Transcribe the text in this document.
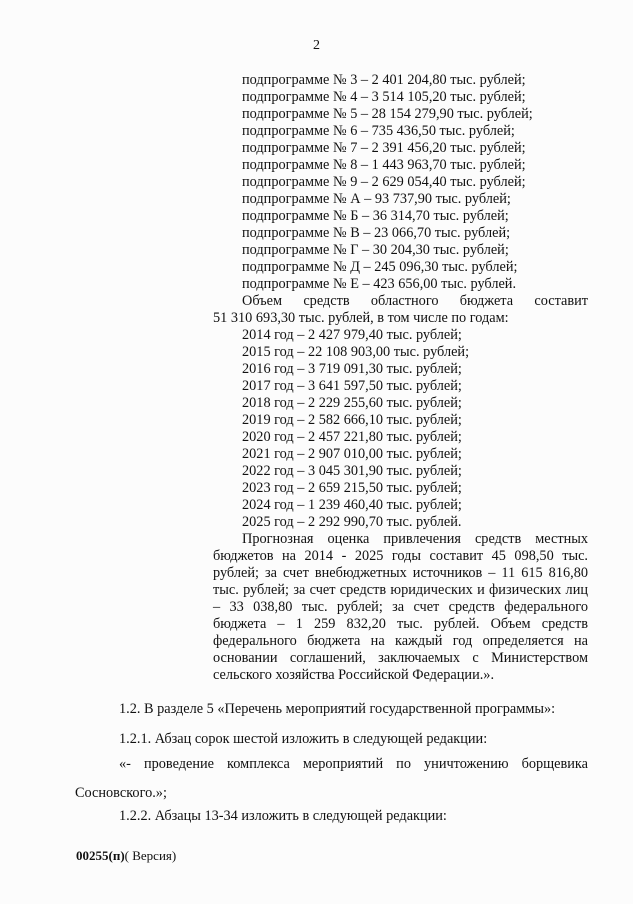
2
подпрограмме № 3 – 2 401 204,80 тыс. рублей;
подпрограмме № 4 – 3 514 105,20 тыс. рублей;
подпрограмме № 5 – 28 154 279,90 тыс. рублей;
подпрограмме № 6 – 735 436,50 тыс. рублей;
подпрограмме № 7 – 2 391 456,20 тыс. рублей;
подпрограмме № 8 – 1 443 963,70 тыс. рублей;
подпрограмме № 9 – 2 629 054,40 тыс. рублей;
подпрограмме № А – 93 737,90 тыс. рублей;
подпрограмме № Б – 36 314,70 тыс. рублей;
подпрограмме № В – 23 066,70 тыс. рублей;
подпрограмме № Г – 30 204,30 тыс. рублей;
подпрограмме № Д – 245 096,30 тыс. рублей;
подпрограмме № Е – 423 656,00 тыс. рублей.
Объем средств областного бюджета составит
51 310 693,30 тыс. рублей, в том числе по годам:
2014 год – 2 427 979,40 тыс. рублей;
2015 год – 22 108 903,00 тыс. рублей;
2016 год – 3 719 091,30 тыс. рублей;
2017 год – 3 641 597,50 тыс. рублей;
2018 год – 2 229 255,60 тыс. рублей;
2019 год – 2 582 666,10 тыс. рублей;
2020 год – 2 457 221,80 тыс. рублей;
2021 год – 2 907 010,00 тыс. рублей;
2022 год – 3 045 301,90 тыс. рублей;
2023 год – 2 659 215,50 тыс. рублей;
2024 год – 1 239 460,40 тыс. рублей;
2025 год – 2 292 990,70 тыс. рублей.
Прогнозная оценка привлечения средств местных бюджетов на 2014 - 2025 годы составит 45 098,50 тыс. рублей; за счет внебюджетных источников – 11 615 816,80 тыс. рублей; за счет средств юридических и физических лиц – 33 038,80 тыс. рублей; за счет средств федерального бюджета – 1 259 832,20 тыс. рублей. Объем средств федерального бюджета на каждый год определяется на основании соглашений, заключаемых с Министерством сельского хозяйства Российской Федерации.».
1.2. В разделе 5 «Перечень мероприятий государственной программы»:
1.2.1. Абзац сорок шестой изложить в следующей редакции:
«- проведение комплекса мероприятий по уничтожению борщевика
Сосновского.»;
1.2.2. Абзацы 13-34 изложить в следующей редакции:
00255(п)( Версия)
